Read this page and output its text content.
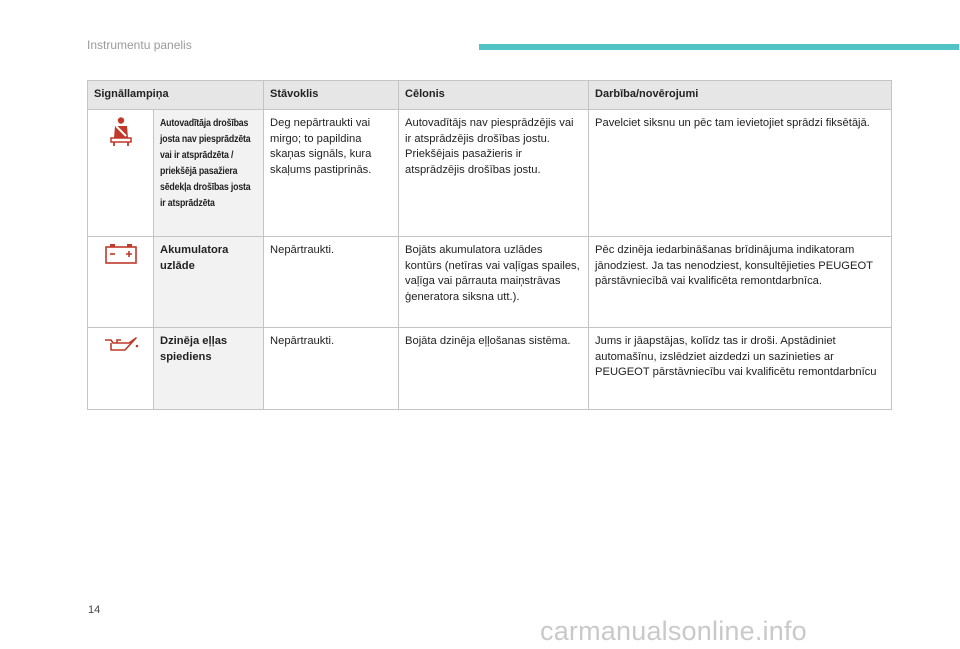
Instrumentu panelis
Signāllampiņa		Stāvoklis	Cēlonis	Darbība/novērojumi
	Autovadītāja drošības josta nav piesprādzēta vai ir atsprādzēta / priekšējā pasažiera sēdekļa drošības josta ir atsprādzēta	Deg nepārtraukti vai mirgo; to papildina skaņas signāls, kura skaļums pastiprinās.	Autovadītājs nav piesprādzējis vai ir atsprādzējis drošības jostu. Priekšējais pasažieris ir atsprādzējis drošības jostu.	Pavelciet siksnu un pēc tam ievietojiet sprādzi fiksētājā.
	Akumulatora uzlāde	Nepārtraukti.	Bojāts akumulatora uzlādes kontūrs (netīras vai vaļīgas spailes, vaļīga vai pārrauta maiņstrāvas ģeneratora siksna utt.).	Pēc dzinēja iedarbināšanas brīdinājuma indikatoram jānodziest. Ja tas nenodziest, konsultējieties PEUGEOT pārstāvniecībā vai kvalificēta remontdarbnīca.
	Dzinēja eļļas spiediens	Nepārtraukti.	Bojāta dzinēja eļļošanas sistēma.	Jums ir jāapstājas, kolīdz tas ir droši. Apstādiniet automašīnu, izslēdziet aizdedzi un sazinieties ar PEUGEOT pārstāvniecību vai kvalificētu remontdarbnīcu
14
carmanualsonline.info
